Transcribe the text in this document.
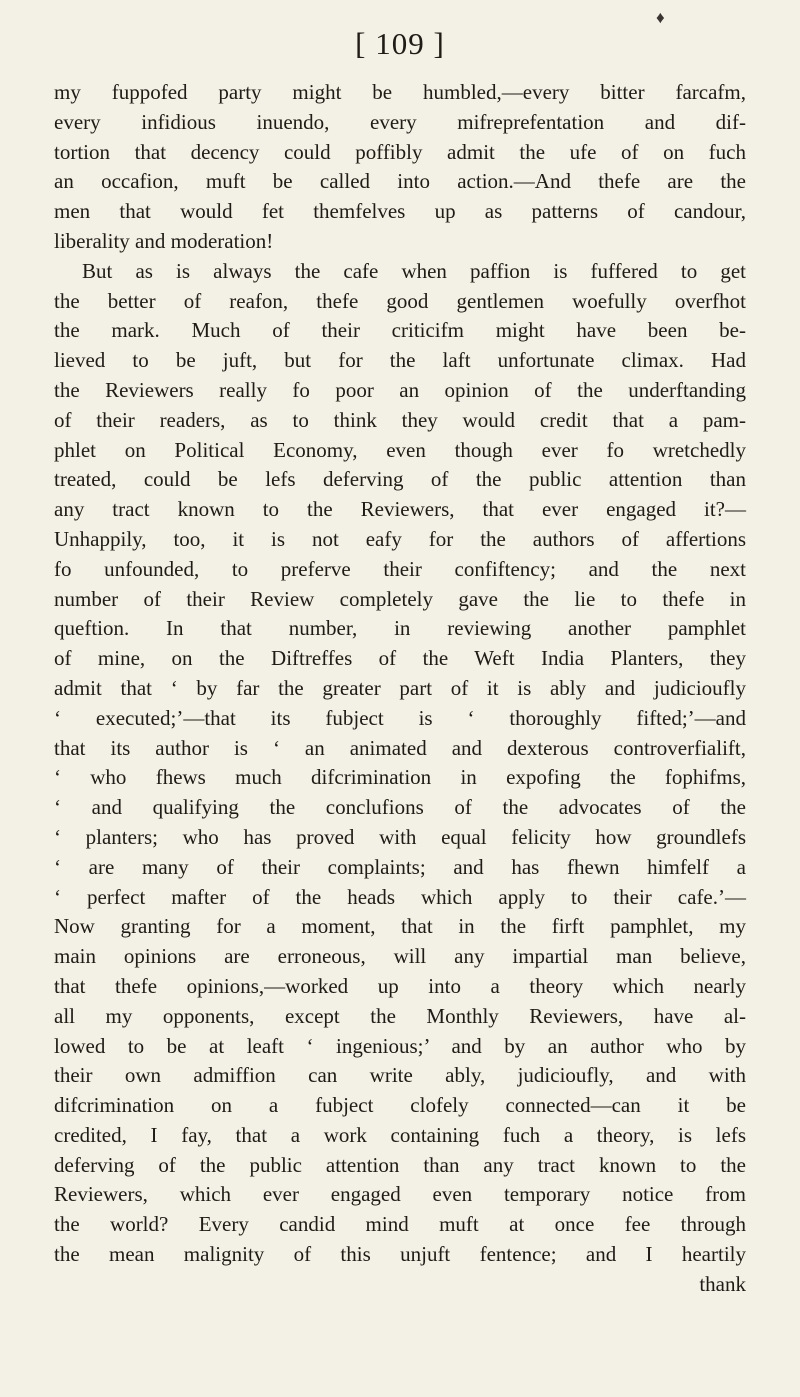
♦
[ 109 ]
my fuppofed party might be humbled,—every bitter farcafm,
every infidious inuendo, every mifreprefentation and dif-
tortion that decency could poffibly admit the ufe of on fuch
an occafion, muft be called into action.—And thefe are the
men that would fet themfelves up as patterns of candour,
liberality and moderation!
But as is always the cafe when paffion is fuffered to get
the better of reafon, thefe good gentlemen woefully overfhot
the mark. Much of their criticifm might have been be-
lieved to be juft, but for the laft unfortunate climax. Had
the Reviewers really fo poor an opinion of the underftanding
of their readers, as to think they would credit that a pam-
phlet on Political Economy, even though ever fo wretchedly
treated, could be lefs deferving of the public attention than
any tract known to the Reviewers, that ever engaged it?—
Unhappily, too, it is not eafy for the authors of affertions
fo unfounded, to preferve their confiftency; and the next
number of their Review completely gave the lie to thefe in
queftion. In that number, in reviewing another pamphlet
of mine, on the Diftreffes of the Weft India Planters, they
admit that ‘ by far the greater part of it is ably and judicioufly
‘ executed;’—that its fubject is ‘ thoroughly fifted;’—and
that its author is ‘ an animated and dexterous controverfialift,
‘ who fhews much difcrimination in expofing the fophifms,
‘ and qualifying the conclufions of the advocates of the
‘ planters; who has proved with equal felicity how groundlefs
‘ are many of their complaints; and has fhewn himfelf a
‘ perfect mafter of the heads which apply to their cafe.’—
Now granting for a moment, that in the firft pamphlet, my
main opinions are erroneous, will any impartial man believe,
that thefe opinions,—worked up into a theory which nearly
all my opponents, except the Monthly Reviewers, have al-
lowed to be at leaft ‘ ingenious;’ and by an author who by
their own admiffion can write ably, judicioufly, and with
difcrimination on a fubject clofely connected—can it be
credited, I fay, that a work containing fuch a theory, is lefs
deferving of the public attention than any tract known to the
Reviewers, which ever engaged even temporary notice from
the world? Every candid mind muft at once fee through
the mean malignity of this unjuft fentence; and I heartily
thank
